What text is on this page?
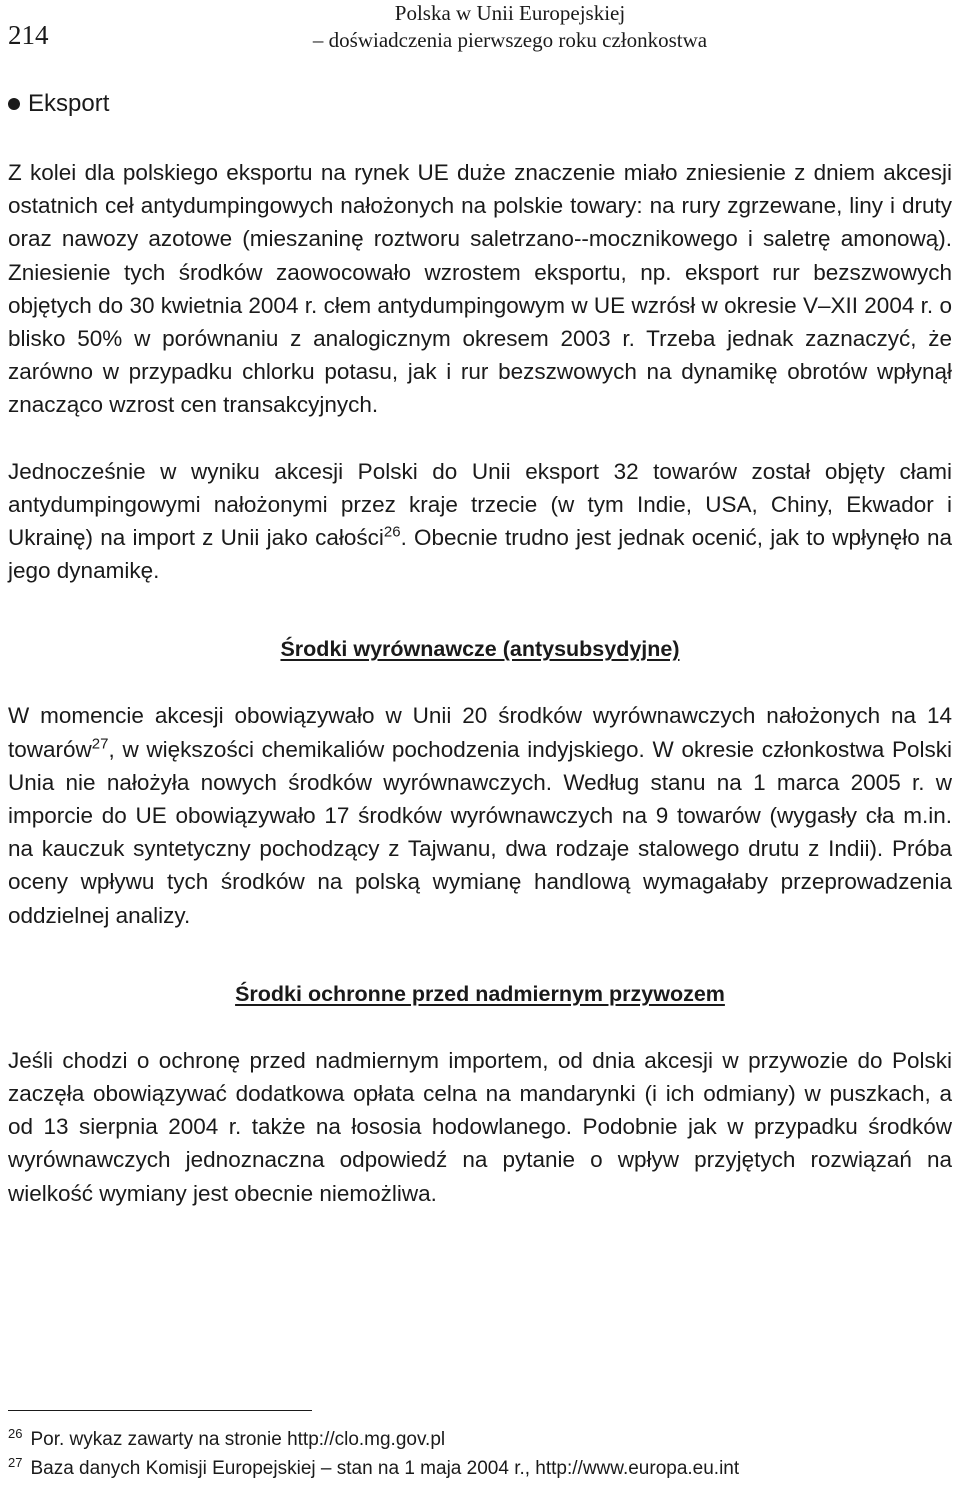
214
Polska w Unii Europejskiej
– doświadczenia pierwszego roku członkostwa
Eksport

Z kolei dla polskiego eksportu na rynek UE duże znaczenie miało zniesienie z dniem akcesji ostatnich ceł antydumpingowych nałożonych na polskie towary: na rury zgrzewane, liny i druty oraz nawozy azotowe (mieszaninę roztworu saletrzano--mocznikowego i saletrę amonową). Zniesienie tych środków zaowocowało wzrostem eksportu, np. eksport rur bezszwowych objętych do 30 kwietnia 2004 r. cłem antydumpingowym w UE wzrósł w okresie V–XII 2004 r. o blisko 50% w porównaniu z analogicznym okresem 2003 r. Trzeba jednak zaznaczyć, że zarówno w przypadku chlorku potasu, jak i rur bezszwowych na dynamikę obrotów wpłynął znacząco wzrost cen transakcyjnych.

Jednocześnie w wyniku akcesji Polski do Unii eksport 32 towarów został objęty cłami antydumpingowymi nałożonymi przez kraje trzecie (w tym Indie, USA, Chiny, Ekwador i Ukrainę) na import z Unii jako całości$^{26}$. Obecnie trudno jest jednak ocenić, jak to wpłynęło na jego dynamikę.

Środki wyrównawcze (antysubsydyjne)

W momencie akcesji obowiązywało w Unii 20 środków wyrównawczych nałożonych na 14 towarów$^{27}$, w większości chemikaliów pochodzenia indyjskiego. W okresie członkostwa Polski Unia nie nałożyła nowych środków wyrównawczych. Według stanu na 1 marca 2005 r. w imporcie do UE obowiązywało 17 środków wyrównawczych na 9 towarów (wygasły cła m.in. na kauczuk syntetyczny pochodzący z Tajwanu, dwa rodzaje stalowego drutu z Indii). Próba oceny wpływu tych środków na polską wymianę handlową wymagałaby przeprowadzenia oddzielnej analizy.

Środki ochronne przed nadmiernym przywozem

Jeśli chodzi o ochronę przed nadmiernym importem, od dnia akcesji w przywozie do Polski zaczęła obowiązywać dodatkowa opłata celna na mandarynki (i ich odmiany) w puszkach, a od 13 sierpnia 2004 r. także na łososia hodowlanego. Podobnie jak w przypadku środków wyrównawczych jednoznaczna odpowiedź na pytanie o wpływ przyjętych rozwiązań na wielkość wymiany jest obecnie niemożliwa.

$^{26}$ Por. wykaz zawarty na stronie http://clo.mg.gov.pl
$^{27}$ Baza danych Komisji Europejskiej – stan na 1 maja 2004 r., http://www.europa.eu.int
